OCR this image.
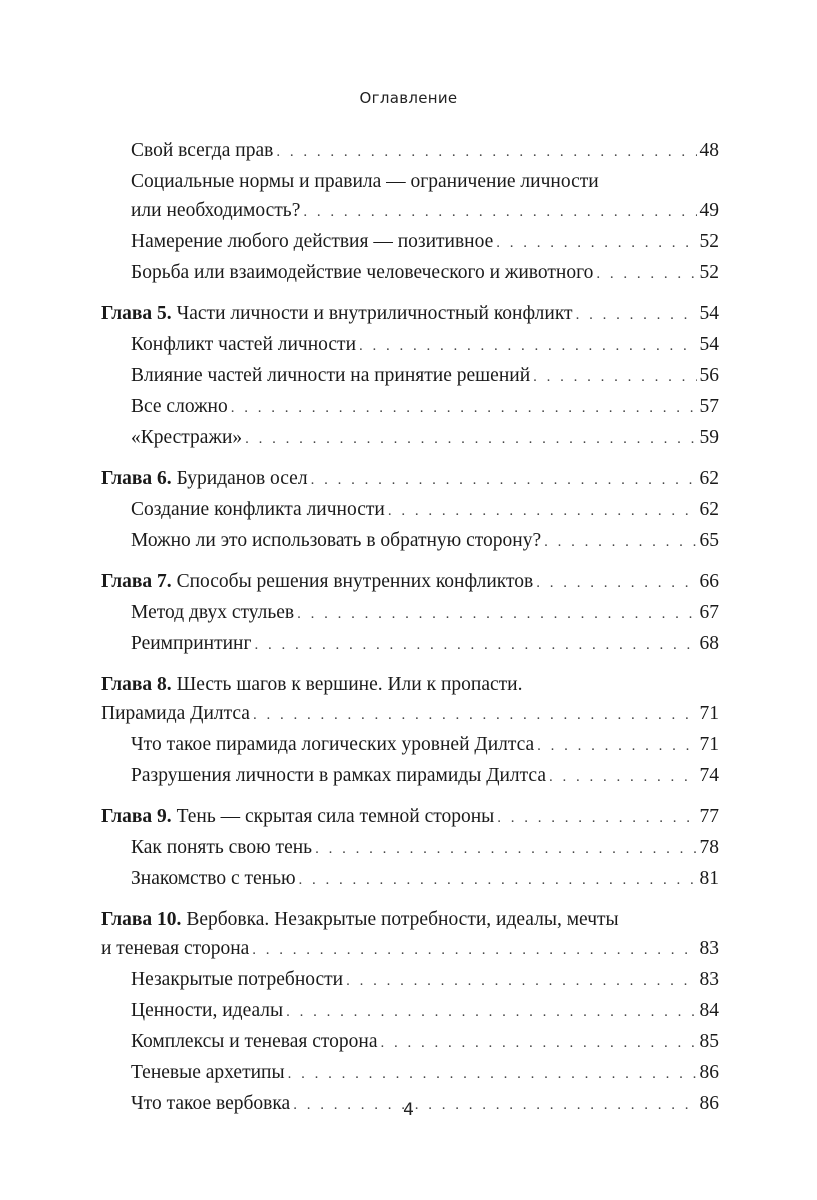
Оглавление
Свой всегда прав . . .	48
Социальные нормы и правила — ограничение личности
или необходимость? . . .	49
Намерение любого действия — позитивное . . .	52
Борьба или взаимодействие человеческого и животного . . .	52
Глава 5. Части личности и внутриличностный конфликт . . .	54
Конфликт частей личности . . .	54
Влияние частей личности на принятие решений . . .	56
Все сложно . . .	57
«Крестражи» . . .	59
Глава 6. Буриданов осел . . .	62
Создание конфликта личности . . .	62
Можно ли это использовать в обратную сторону? . . .	65
Глава 7. Способы решения внутренних конфликтов . . .	66
Метод двух стульев . . .	67
Реимпринтинг . . .	68
Глава 8. Шесть шагов к вершине. Или к пропасти.
Пирамида Дилтса . . .	71
Что такое пирамида логических уровней Дилтса . . .	71
Разрушения личности в рамках пирамиды Дилтса . . .	74
Глава 9. Тень — скрытая сила темной стороны . . .	77
Как понять свою тень . . .	78
Знакомство с тенью . . .	81
Глава 10. Вербовка. Незакрытые потребности, идеалы, мечты
и теневая сторона . . .	83
Незакрытые потребности . . .	83
Ценности, идеалы . . .	84
Комплексы и теневая сторона . . .	85
Теневые архетипы . . .	86
Что такое вербовка . . .	86
4
